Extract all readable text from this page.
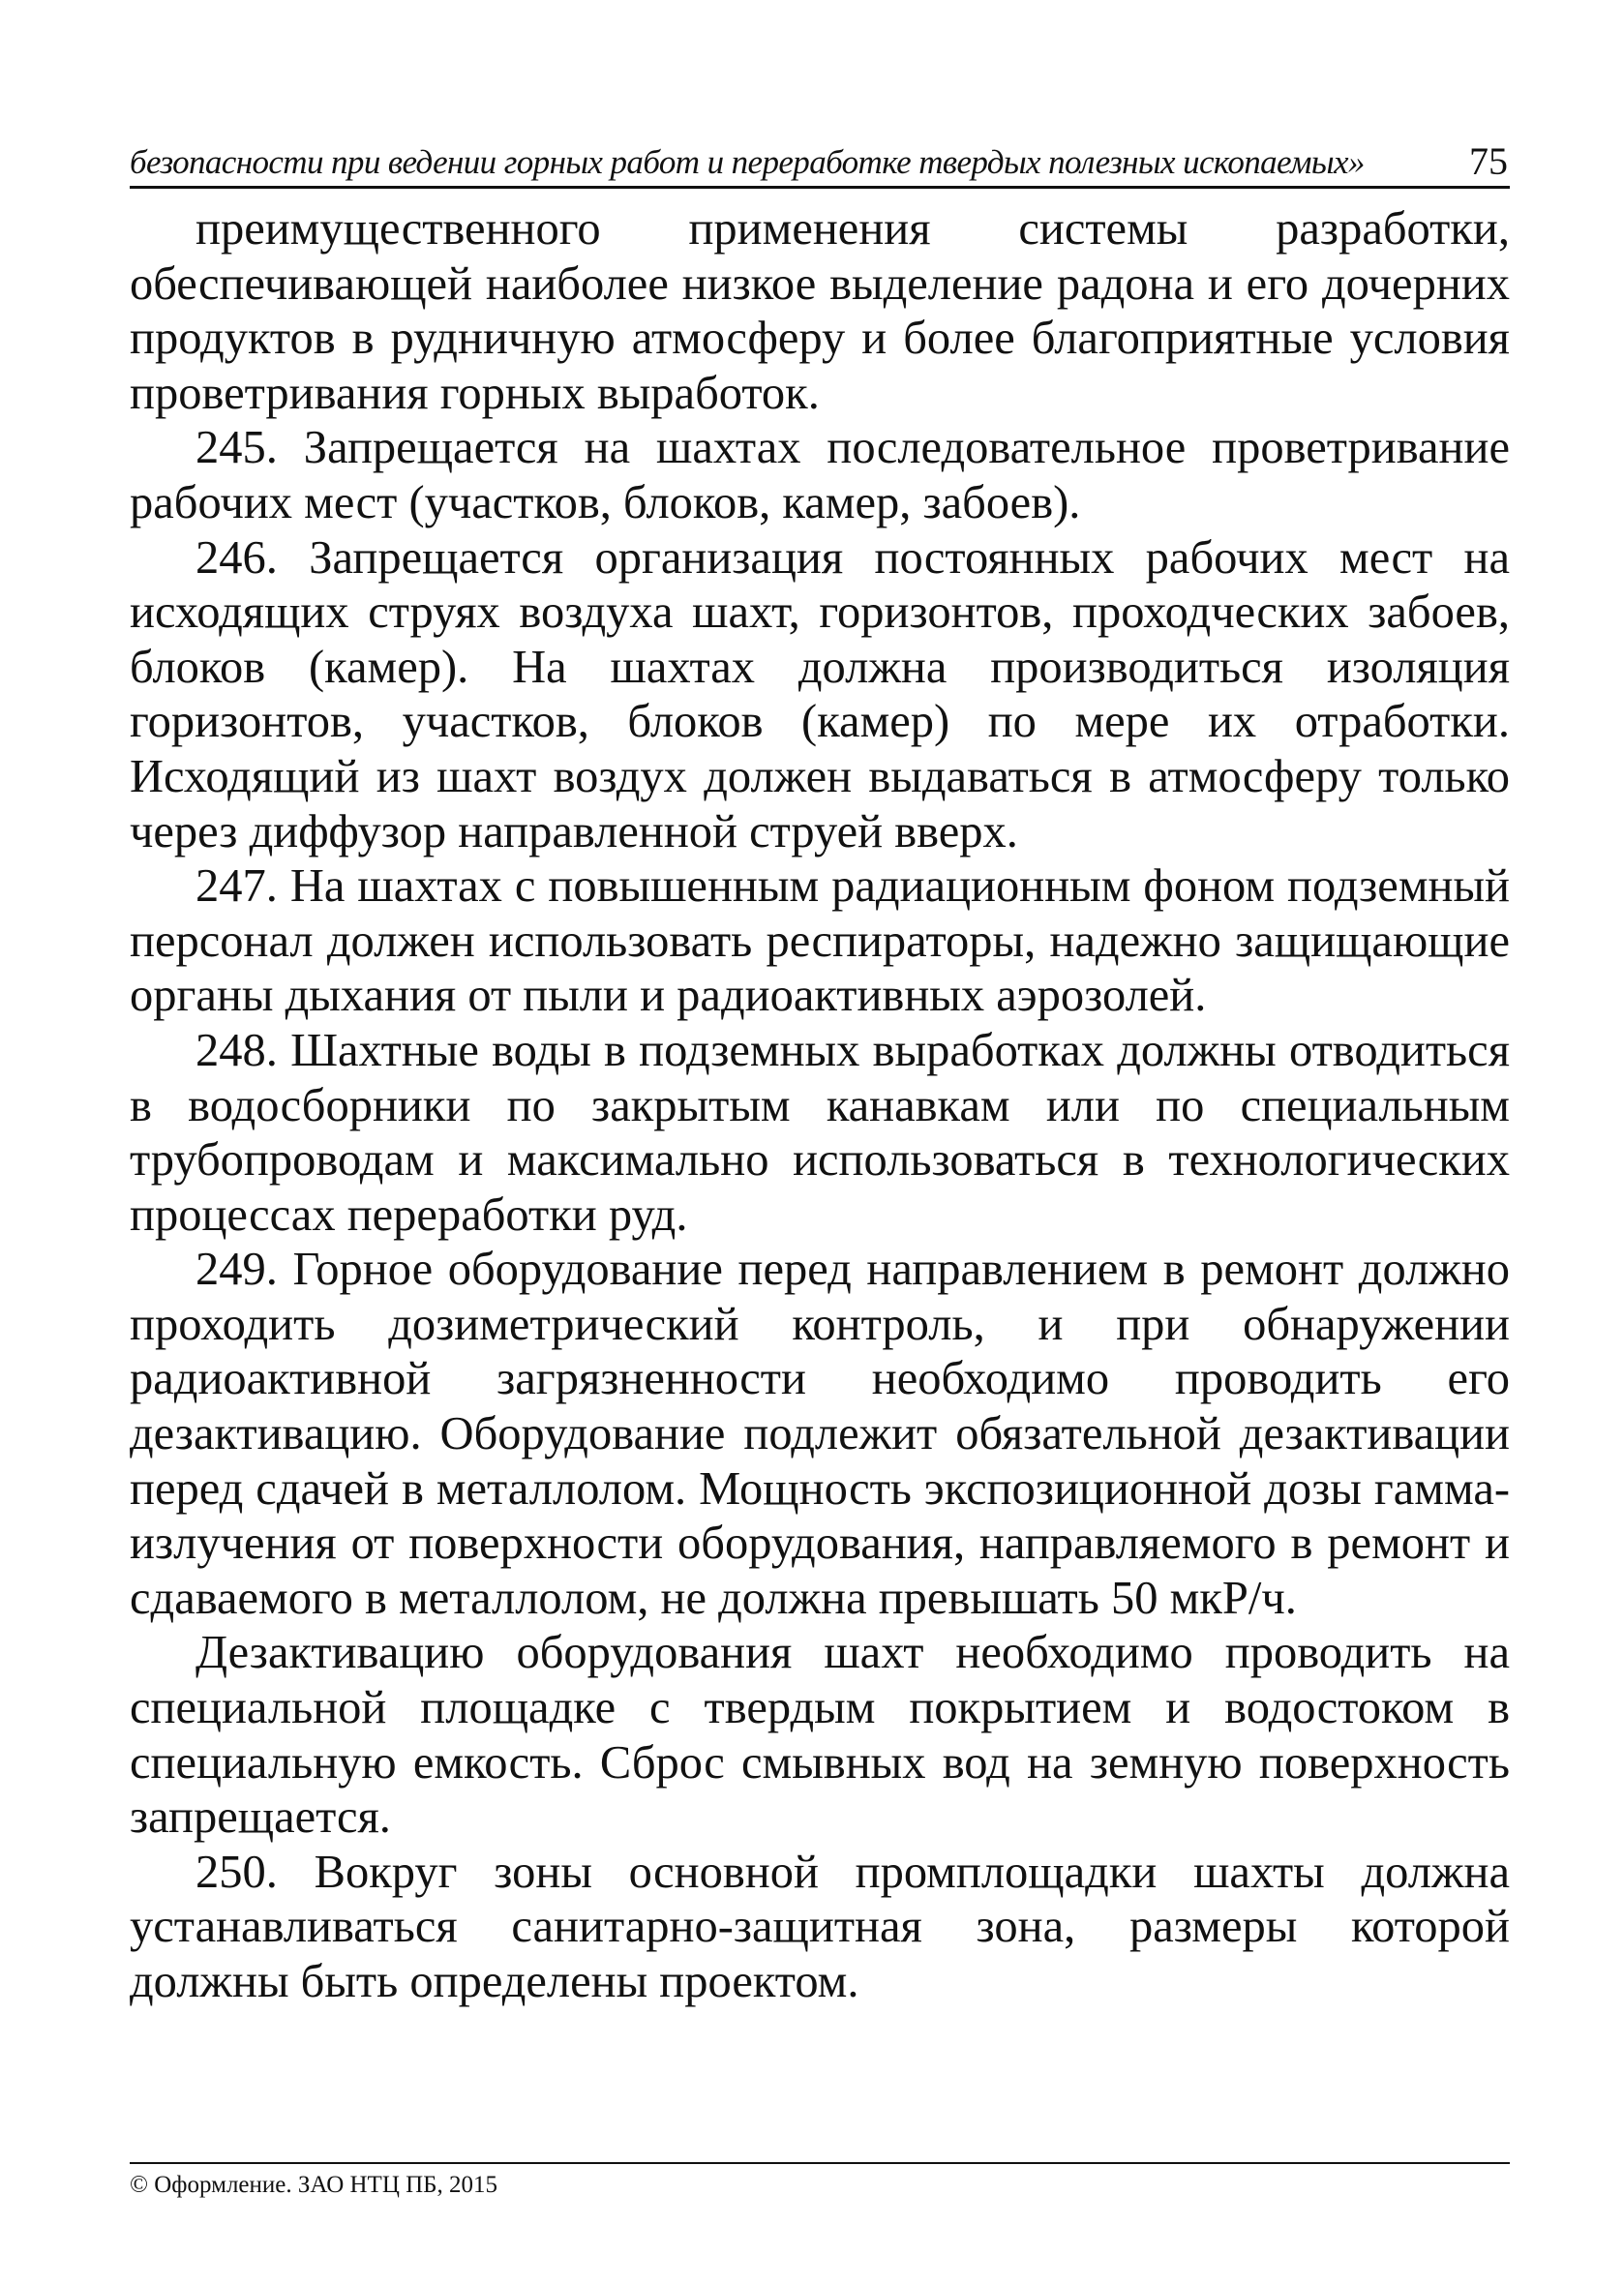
безопасности при ведении горных работ и переработке твердых полезных ископаемых»	75

преимущественного применения системы разработки, обеспечивающей наиболее низкое выделение радона и его дочерних продуктов в рудничную атмосферу и более благоприятные условия проветривания горных выработок.

245. Запрещается на шахтах последовательное проветривание рабочих мест (участков, блоков, камер, забоев).

246. Запрещается организация постоянных рабочих мест на исходящих струях воздуха шахт, горизонтов, проходческих забоев, блоков (камер). На шахтах должна производиться изоляция горизонтов, участков, блоков (камер) по мере их отработки. Исходящий из шахт воздух должен выдаваться в атмосферу только через диффузор направленной струей вверх.

247. На шахтах с повышенным радиационным фоном подземный персонал должен использовать респираторы, надежно защищающие органы дыхания от пыли и радиоактивных аэрозолей.

248. Шахтные воды в подземных выработках должны отводиться в водосборники по закрытым канавкам или по специальным трубопроводам и максимально использоваться в технологических процессах переработки руд.

249. Горное оборудование перед направлением в ремонт должно проходить дозиметрический контроль, и при обнаружении радиоактивной загрязненности необходимо проводить его дезактивацию. Оборудование подлежит обязательной дезактивации перед сдачей в металлолом. Мощность экспозиционной дозы гамма-излучения от поверхности оборудования, направляемого в ремонт и сдаваемого в металлолом, не должна превышать 50 мкР/ч.

Дезактивацию оборудования шахт необходимо проводить на специальной площадке с твердым покрытием и водостоком в специальную емкость. Сброс смывных вод на земную поверхность запрещается.

250. Вокруг зоны основной промплощадки шахты должна устанавливаться санитарно-защитная зона, размеры которой должны быть определены проектом.

© Оформление. ЗАО НТЦ ПБ, 2015
